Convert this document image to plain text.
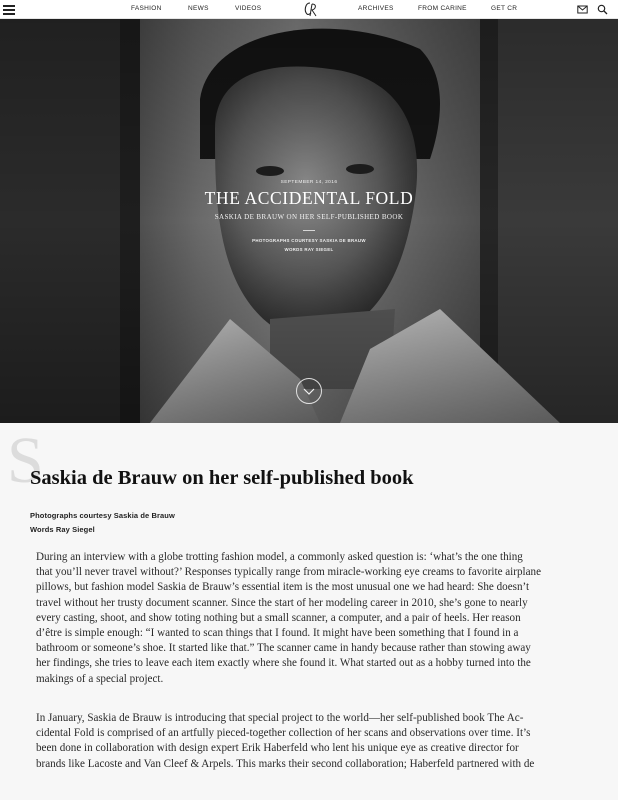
FASHION	NEWS	VIDEOS	ARCHIVES	FROM CARINE	GET CR
SEPTEMBER 14, 2016
THE ACCIDENTAL FOLD
SASKIA DE BRAUW ON HER SELF-PUBLISHED BOOK
PHOTOGRAPHS COURTESY SASKIA DE BRAUW
WORDS RAY SIEGEL
S
Saskia de Brauw on her self-published book
Photographs courtesy Saskia de Brauw
Words Ray Siegel

During an interview with a globe trotting fashion model, a commonly asked question is: ‘what’s the one thing
that you’ll never travel without?’ Responses typically range from miracle-working eye creams to favorite airplane
pillows, but fashion model Saskia de Brauw’s essential item is the most unusual one we had heard: She doesn’t
travel without her trusty document scanner. Since the start of her modeling career in 2010, she’s gone to nearly
every casting, shoot, and show toting nothing but a small scanner, a computer, and a pair of heels. Her reason
d’être is simple enough: “I wanted to scan things that I found. It might have been something that I found in a
bathroom or someone’s shoe. It started like that.” The scanner came in handy because rather than stowing away
her findings, she tries to leave each item exactly where she found it. What started out as a hobby turned into the
makings of a special project.

In January, Saskia de Brauw is introducing that special project to the world—her self-published book The Ac-
cidental Fold is comprised of an artfully pieced-together collection of her scans and observations over time. It’s
been done in collaboration with design expert Erik Haberfeld who lent his unique eye as creative director for
brands like Lacoste and Van Cleef & Arpels. This marks their second collaboration; Haberfeld partnered with de
